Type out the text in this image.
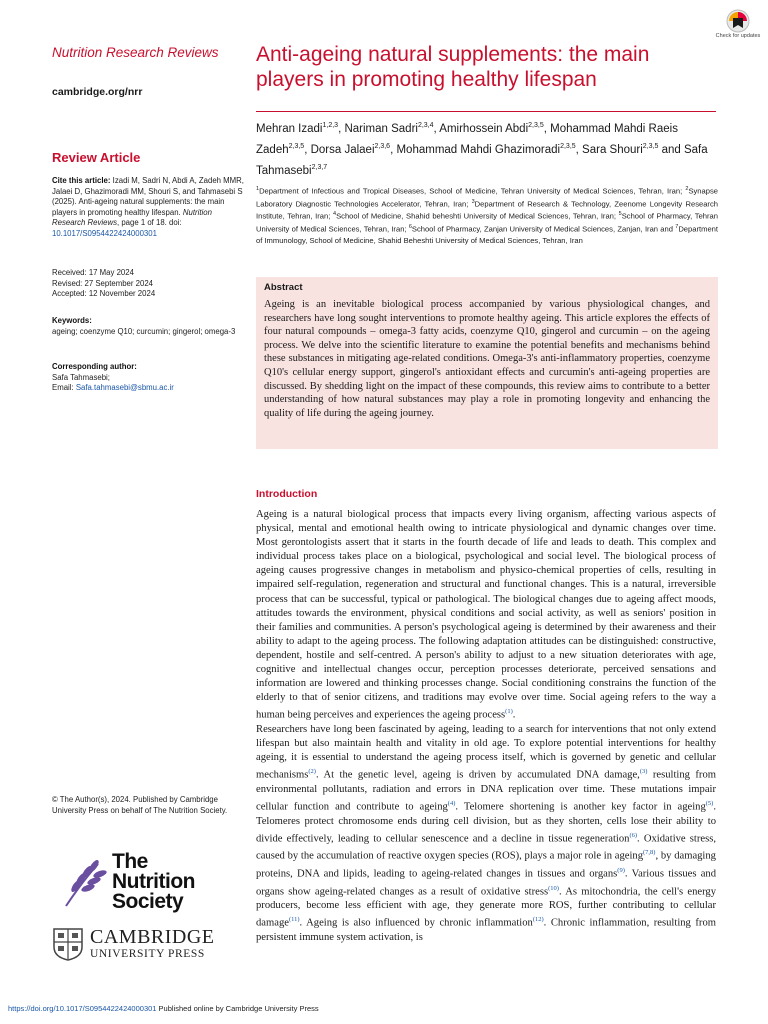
Nutrition Research Reviews
cambridge.org/nrr
Review Article
Cite this article: Izadi M, Sadri N, Abdi A, Zadeh MMR, Jalaei D, Ghazimoradi MM, Shouri S, and Tahmasebi S (2025). Anti-ageing natural supplements: the main players in promoting healthy lifespan. Nutrition Research Reviews, page 1 of 18. doi: 10.1017/S0954422424000301
Received: 17 May 2024
Revised: 27 September 2024
Accepted: 12 November 2024
Keywords:
ageing; coenzyme Q10; curcumin; gingerol; omega-3
Corresponding author:
Safa Tahmasebi;
Email: Safa.tahmasebi@sbmu.ac.ir
Check for updates
Anti-ageing natural supplements: the main players in promoting healthy lifespan
Mehran Izadi$^{1,2,3}$, Nariman Sadri$^{2,3,4}$, Amirhossein Abdi$^{2,3,5}$, Mohammad Mahdi Raeis Zadeh$^{2,3,5}$, Dorsa Jalaei$^{2,3,6}$, Mohammad Mahdi Ghazimoradi$^{2,3,5}$, Sara Shouri$^{2,3,5}$ and Safa Tahmasebi$^{2,3,7}$
$^1$Department of Infectious and Tropical Diseases, School of Medicine, Tehran University of Medical Sciences, Tehran, Iran; $^2$Synapse Laboratory Diagnostic Technologies Accelerator, Tehran, Iran; $^3$Department of Research & Technology, Zeenome Longevity Research Institute, Tehran, Iran; $^4$School of Medicine, Shahid beheshti University of Medical Sciences, Tehran, Iran; $^5$School of Pharmacy, Tehran University of Medical Sciences, Tehran, Iran; $^6$School of Pharmacy, Zanjan University of Medical Sciences, Zanjan, Iran and $^7$Department of Immunology, School of Medicine, Shahid Beheshti University of Medical Sciences, Tehran, Iran
Abstract
Ageing is an inevitable biological process accompanied by various physiological changes, and researchers have long sought interventions to promote healthy ageing. This article explores the effects of four natural compounds – omega-3 fatty acids, coenzyme Q10, gingerol and curcumin – on the ageing process. We delve into the scientific literature to examine the potential benefits and mechanisms behind these substances in mitigating age-related conditions. Omega-3's anti-inflammatory properties, coenzyme Q10's cellular energy support, gingerol's antioxidant effects and curcumin's anti-ageing properties are discussed. By shedding light on the impact of these compounds, this review aims to contribute to a better understanding of how natural substances may play a role in promoting longevity and enhancing the quality of life during the ageing journey.
Introduction

Ageing is a natural biological process that impacts every living organism, affecting various aspects of physical, mental and emotional health owing to intricate physiological and dynamic changes over time. Most gerontologists assert that it starts in the fourth decade of life and leads to death. This complex and individual process takes place on a biological, psychological and social level. The biological process of ageing causes progressive changes in metabolism and physico-chemical properties of cells, resulting in impaired self-regulation, regeneration and structural and functional changes. This is a natural, irreversible process that can be successful, typical or pathological. The biological changes due to ageing affect moods, attitudes towards the environment, physical conditions and social activity, as well as seniors' position in their families and communities. A person's psychological ageing is determined by their awareness and their ability to adapt to the ageing process. The following adaptation attitudes can be distinguished: constructive, dependent, hostile and self-centred. A person's ability to adjust to a new situation deteriorates with age, cognitive and intellectual changes occur, perception processes deteriorate, perceived sensations and information are lowered and thinking processes change. Social conditioning constrains the function of the elderly to that of senior citizens, and traditions may evolve over time. Social ageing refers to the way a human being perceives and experiences the ageing process$^{(1)}$.

Researchers have long been fascinated by ageing, leading to a search for interventions that not only extend lifespan but also maintain health and vitality in old age. To explore potential interventions for healthy ageing, it is essential to understand the ageing process itself, which is governed by genetic and cellular mechanisms$^{(2)}$. At the genetic level, ageing is driven by accumulated DNA damage,$^{(3)}$ resulting from environmental pollutants, radiation and errors in DNA replication over time. These mutations impair cellular function and contribute to ageing$^{(4)}$. Telomere shortening is another key factor in ageing$^{(5)}$. Telomeres protect chromosome ends during cell division, but as they shorten, cells lose their ability to divide effectively, leading to cellular senescence and a decline in tissue regeneration$^{(6)}$. Oxidative stress, caused by the accumulation of reactive oxygen species (ROS), plays a major role in ageing$^{(7,8)}$, by damaging proteins, DNA and lipids, leading to ageing-related changes in tissues and organs$^{(9)}$. Various tissues and organs show ageing-related changes as a result of oxidative stress$^{(10)}$. As mitochondria, the cell's energy producers, become less efficient with age, they generate more ROS, further contributing to cellular damage$^{(11)}$. Ageing is also influenced by chronic inflammation$^{(12)}$. Chronic inflammation, resulting from persistent immune system activation, is

© The Author(s), 2024. Published by Cambridge University Press on behalf of The Nutrition Society.
The
Nutrition
Society
CAMBRIDGE
UNIVERSITY PRESS
https://doi.org/10.1017/S0954422424000301 Published online by Cambridge University Press
